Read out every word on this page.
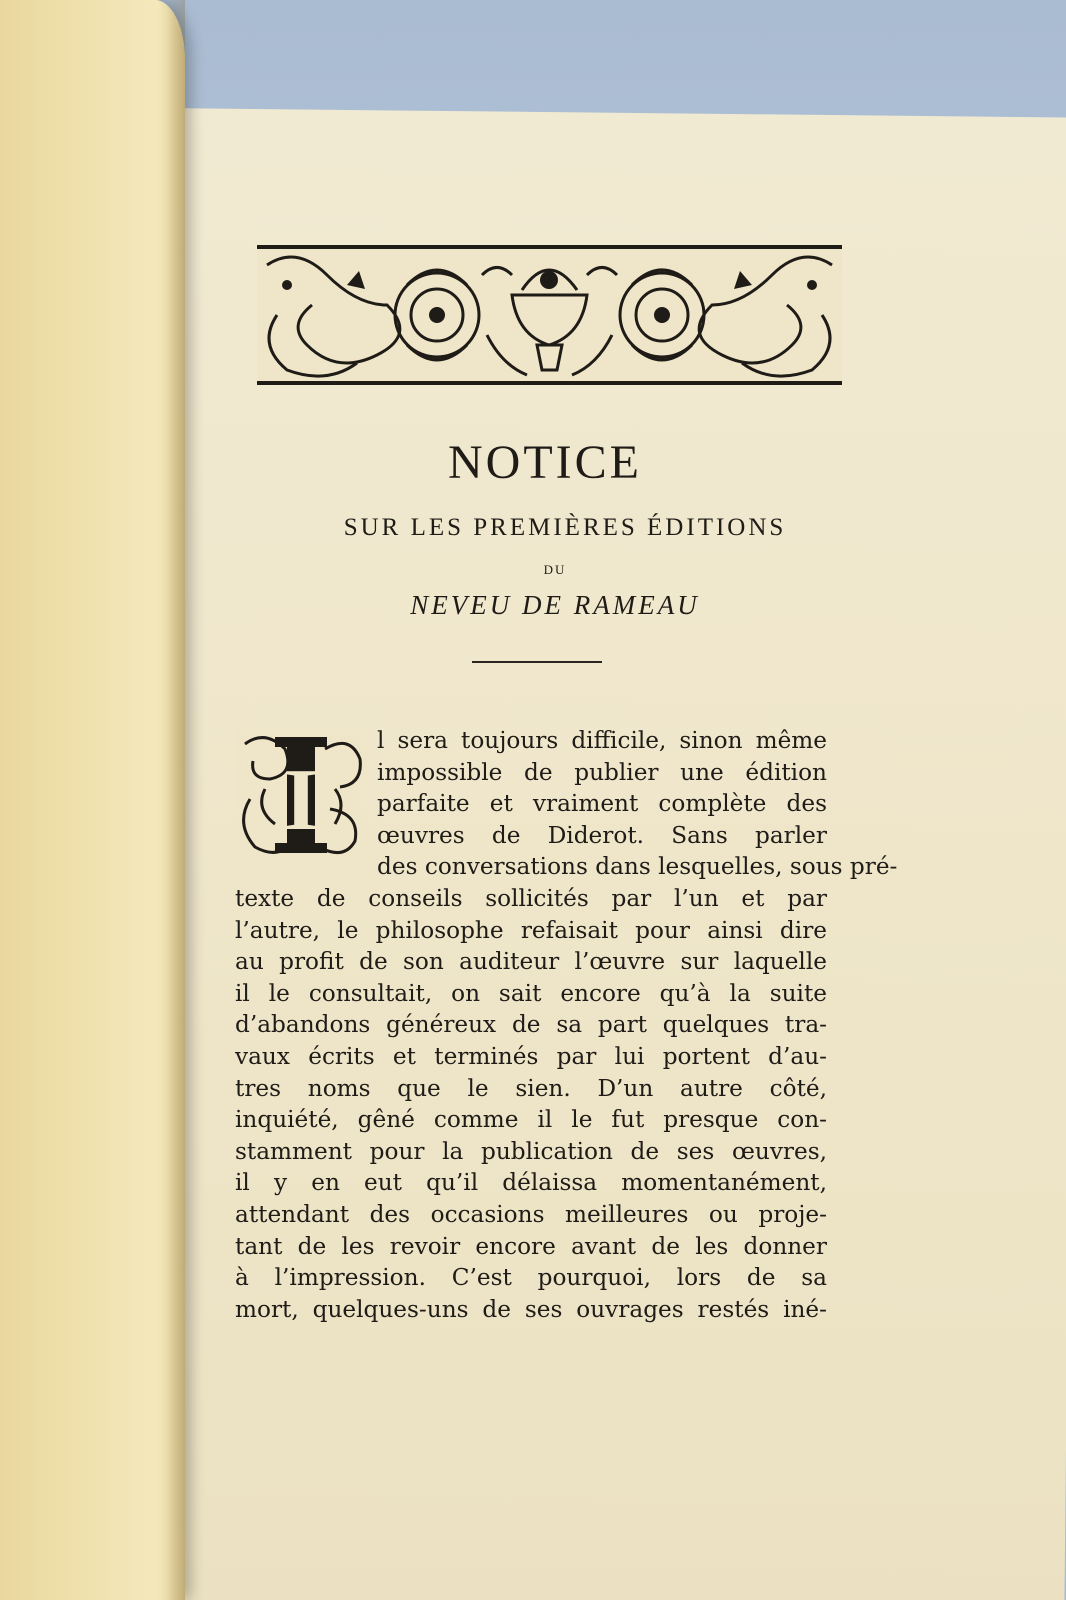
NOTICE
SUR LES PREMIÈRES ÉDITIONS
DU
NEVEU DE RAMEAU
I
l sera toujours difficile, sinon même
impossible de publier une édition
parfaite et vraiment complète des
œuvres de Diderot. Sans parler
des conversations dans lesquelles, sous pré-
texte de conseils sollicités par l’un et par
l’autre, le philosophe refaisait pour ainsi dire
au profit de son auditeur l’œuvre sur laquelle
il le consultait, on sait encore qu’à la suite
d’abandons généreux de sa part quelques tra-
vaux écrits et terminés par lui portent d’au-
tres noms que le sien. D’un autre côté,
inquiété, gêné comme il le fut presque con-
stamment pour la publication de ses œuvres,
il y en eut qu’il délaissa momentanément,
attendant des occasions meilleures ou proje-
tant de les revoir encore avant de les donner
à l’impression. C’est pourquoi, lors de sa
mort, quelques-uns de ses ouvrages restés iné-
